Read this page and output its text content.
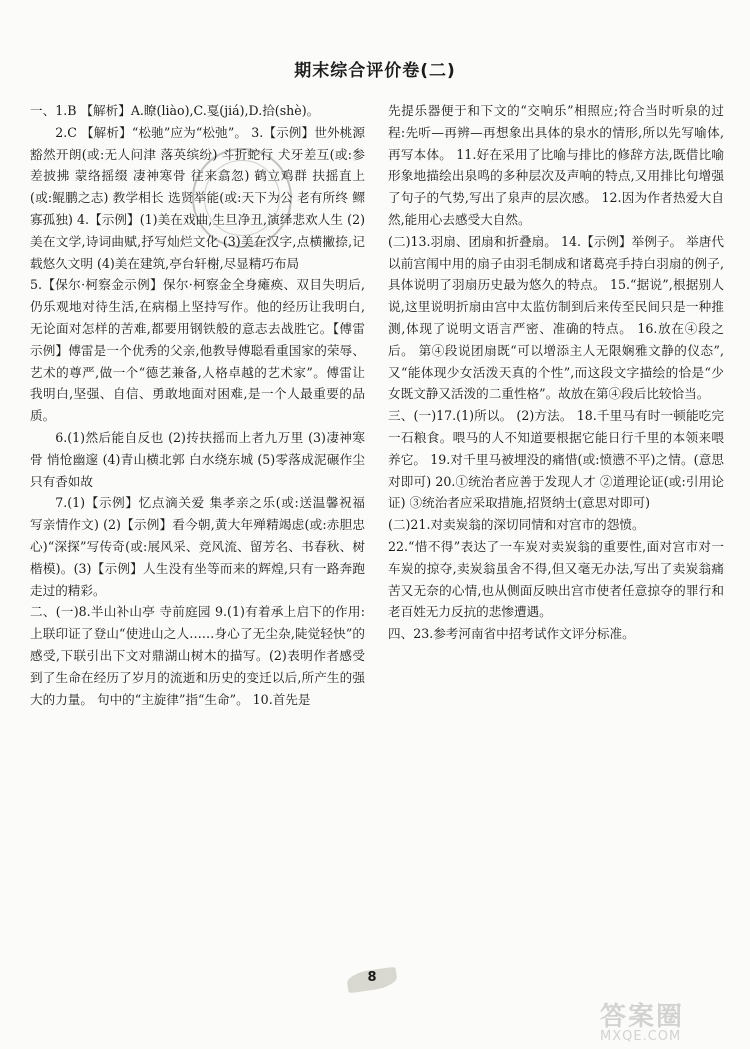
期末综合评价卷(二)

一、1.B 【解析】A.瞭(liào),C.戛(jiá),D.拾(shè)。

2.C 【解析】“松驰”应为“松弛”。 3.【示例】世外桃源 豁然开朗(或:无人问津 落英缤纷) 斗折蛇行 犬牙差互(或:参差披拂 蒙络摇缀 凄神寒骨 往来翕忽) 鹤立鸡群 扶摇直上(或:鲲鹏之志) 教学相长 选贤举能(或:天下为公 老有所终 鳏寡孤独) 4.【示例】(1)美在戏曲,生旦净丑,演绎悲欢人生 (2)美在文学,诗词曲赋,抒写灿烂文化 (3)美在汉字,点横撇捺,记载悠久文明 (4)美在建筑,亭台轩榭,尽显精巧布局

5.【保尔·柯察金示例】保尔·柯察金全身瘫痪、双目失明后,仍乐观地对待生活,在病榻上坚持写作。他的经历让我明白,无论面对怎样的苦难,都要用钢铁般的意志去战胜它。【傅雷示例】傅雷是一个优秀的父亲,他教导傅聪看重国家的荣辱、艺术的尊严,做一个“德艺兼备,人格卓越的艺术家”。傅雷让我明白,坚强、自信、勇敢地面对困难,是一个人最重要的品质。

6.(1)然后能自反也 (2)抟扶摇而上者九万里 (3)凄神寒骨 悄怆幽邃 (4)青山横北郭 白水绕东城 (5)零落成泥碾作尘 只有香如故

7.(1)【示例】忆点滴关爱 集孝亲之乐(或:送温馨祝福 写亲情作文) (2)【示例】看今朝,黄大年殚精竭虑(或:赤胆忠心)“深探”写传奇(或:展风采、竞风流、留芳名、书春秋、树楷模)。(3)【示例】人生没有坐等而来的辉煌,只有一路奔跑走过的精彩。

二、(一)8.半山补山亭 寺前庭园 9.(1)有着承上启下的作用:上联印证了登山“使进山之人……身心了无尘杂,陡觉轻快”的感受,下联引出下文对鼎湖山树木的描写。(2)表明作者感受到了生命在经历了岁月的流逝和历史的变迁以后,所产生的强大的力量。 句中的“主旋律”指“生命”。 10.首先是

先提乐器便于和下文的“交响乐”相照应;符合当时听泉的过程:先听—再辨—再想象出具体的泉水的情形,所以先写喻体,再写本体。 11.好在采用了比喻与排比的修辞方法,既借比喻形象地描绘出泉鸣的多种层次及声响的特点,又用排比句增强了句子的气势,写出了泉声的层次感。 12.因为作者热爱大自然,能用心去感受大自然。

(二)13.羽扇、团扇和折叠扇。 14.【示例】举例子。 举唐代以前宫闱中用的扇子由羽毛制成和诸葛亮手持白羽扇的例子,具体说明了羽扇历史最为悠久的特点。 15.“据说”,根据别人说,这里说明折扇由宫中太监仿制到后来传至民间只是一种推测,体现了说明文语言严密、准确的特点。 16.放在④段之后。 第④段说团扇既“可以增添主人无限娴雅文静的仪态”,又“能体现少女活泼天真的个性”,而这段文字描绘的恰是“少女既文静又活泼的二重性格”。故放在第④段后比较恰当。

三、(一)17.(1)所以。 (2)方法。 18.千里马有时一顿能吃完一石粮食。喂马的人不知道要根据它能日行千里的本领来喂养它。 19.对千里马被埋没的痛惜(或:愤懑不平)之情。(意思对即可) 20.①统治者应善于发现人才 ②道理论证(或:引用论证) ③统治者应采取措施,招贤纳士(意思对即可)

(二)21.对卖炭翁的深切同情和对宫市的怨愤。

22.“惜不得”表达了一车炭对卖炭翁的重要性,面对宫市对一车炭的掠夺,卖炭翁虽舍不得,但又毫无办法,写出了卖炭翁痛苦又无奈的心情,也从侧面反映出宫市使者任意掠夺的罪行和老百姓无力反抗的悲惨遭遇。

四、23.参考河南省中招考试作文评分标准。

8
答案圈
MXQE.COM
